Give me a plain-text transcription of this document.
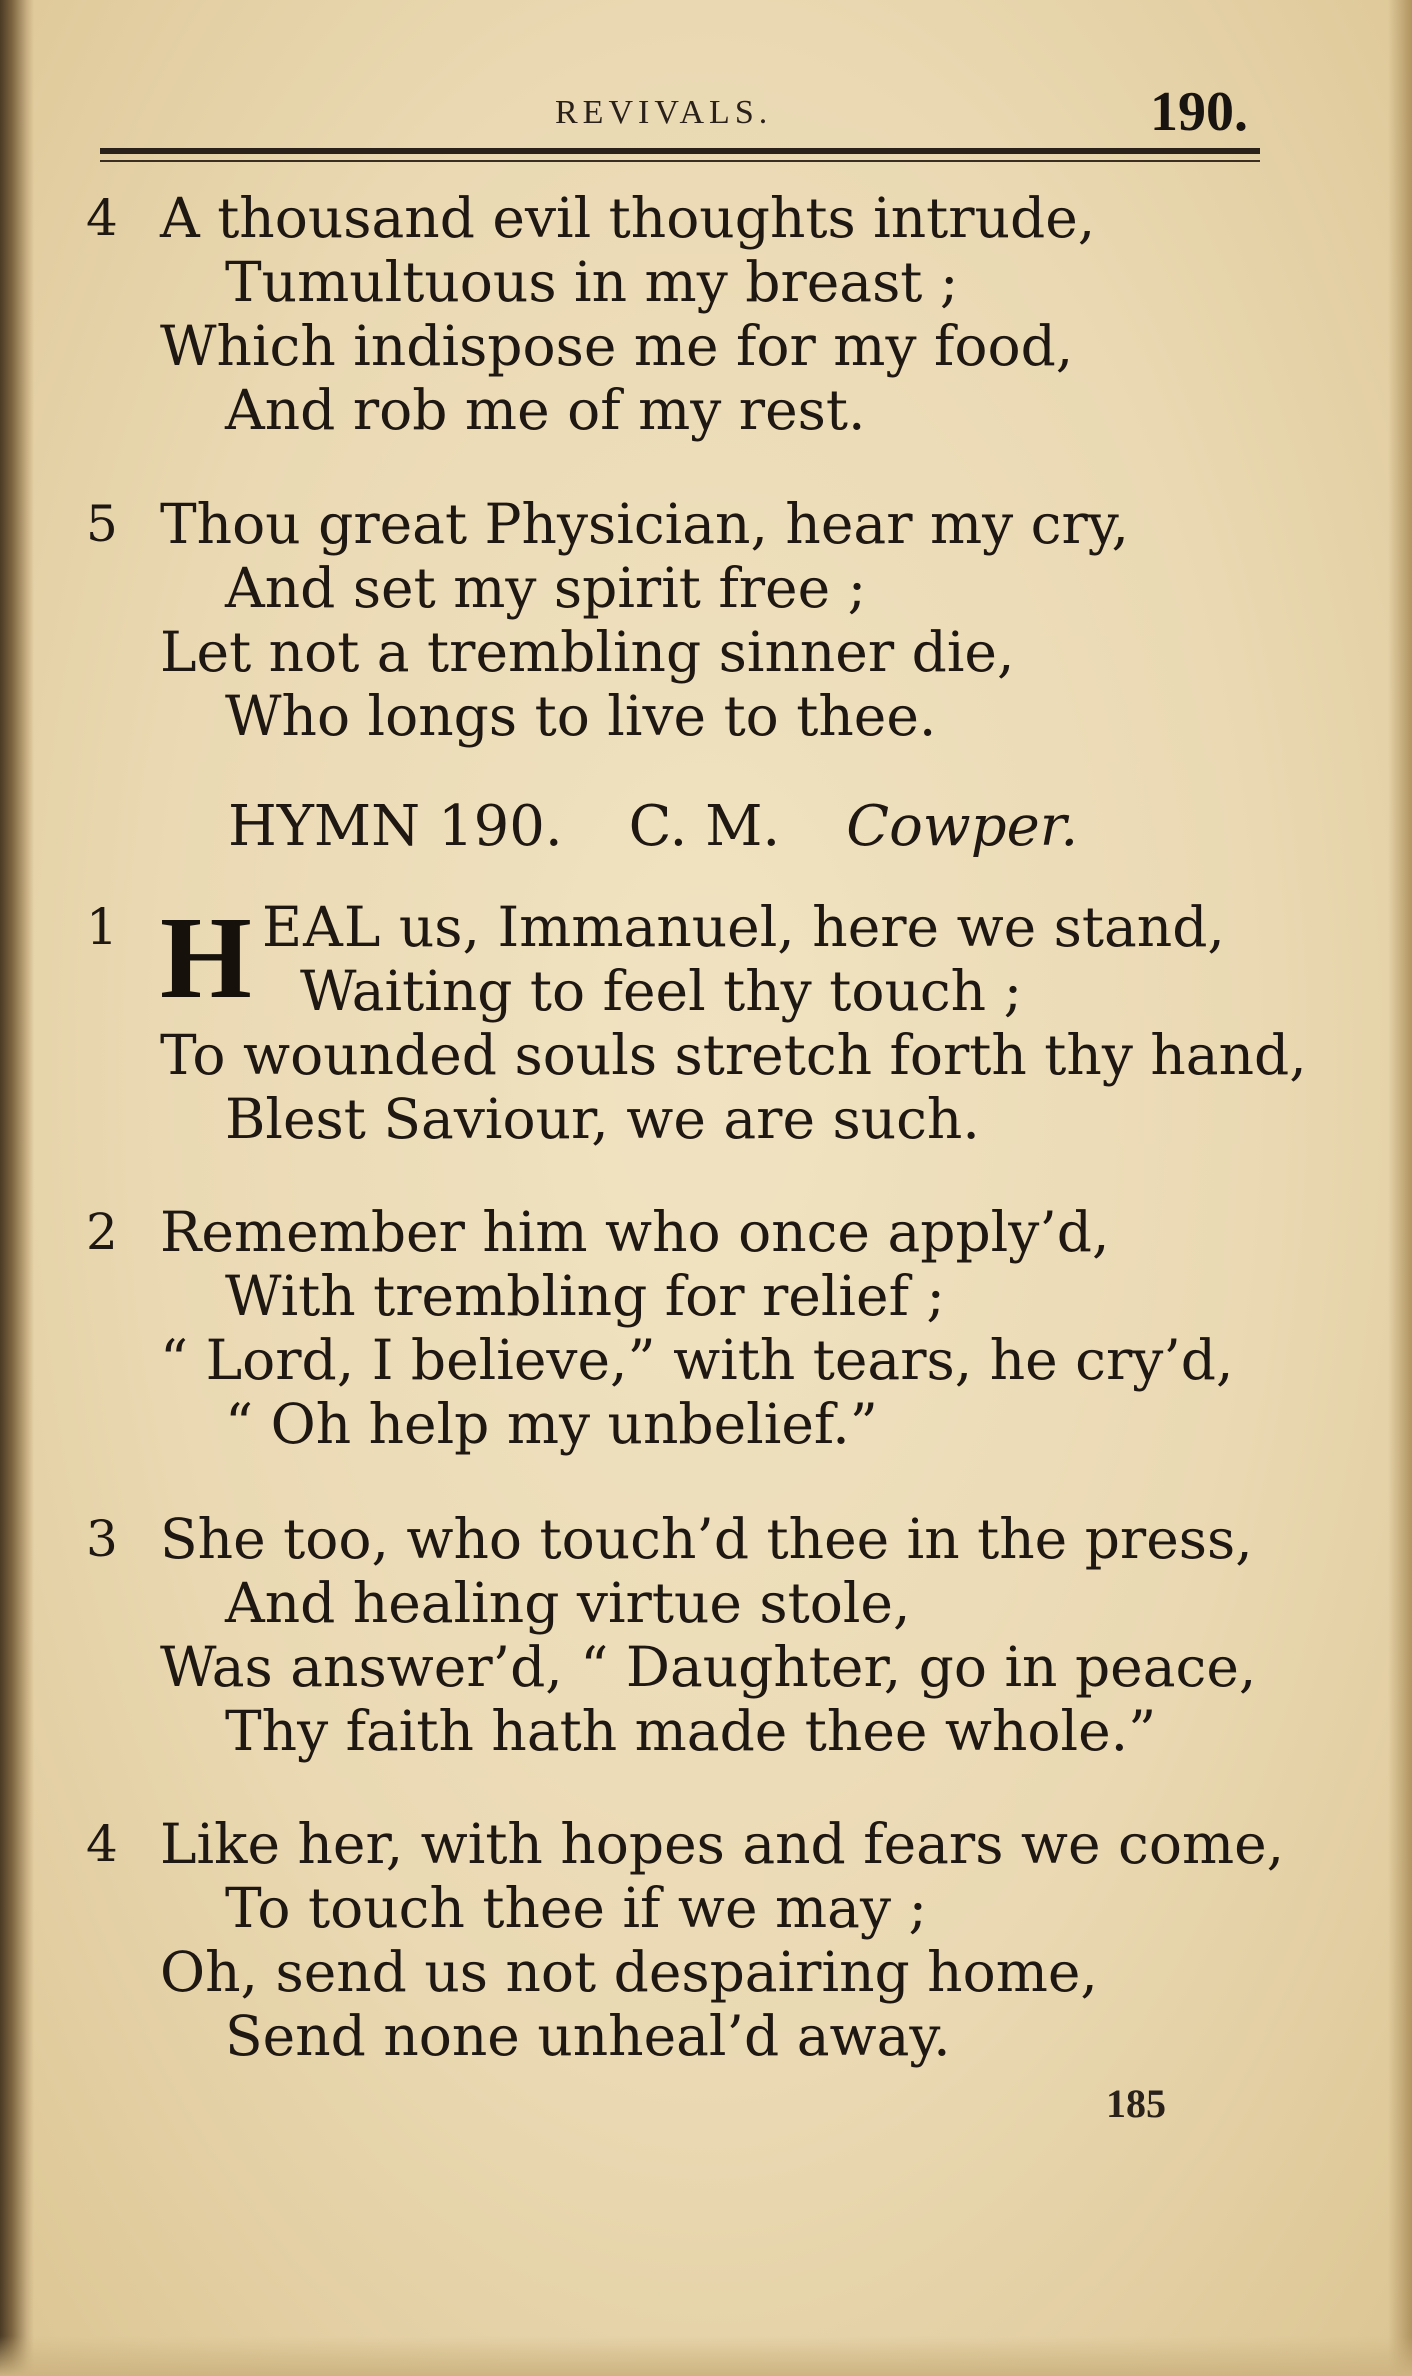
REVIVALS.	190.
4 A thousand evil thoughts intrude,
Tumultuous in my breast ;
Which indispose me for my food,
And rob me of my rest.
5 Thou great Physician, hear my cry,
And set my spirit free ;
Let not a trembling sinner die,
Who longs to live to thee.
HYMN 190. C. M. Cowper.
1 H EAL us, Immanuel, here we stand,
Waiting to feel thy touch ;
To wounded souls stretch forth thy hand,
Blest Saviour, we are such.
2 Remember him who once apply’d,
With trembling for relief ;
“ Lord, I believe,” with tears, he cry’d,
“ Oh help my unbelief.”
3 She too, who touch’d thee in the press,
And healing virtue stole,
Was answer’d, “ Daughter, go in peace,
Thy faith hath made thee whole.”
4 Like her, with hopes and fears we come,
To touch thee if we may ;
Oh, send us not despairing home,
Send none unheal’d away.
185
